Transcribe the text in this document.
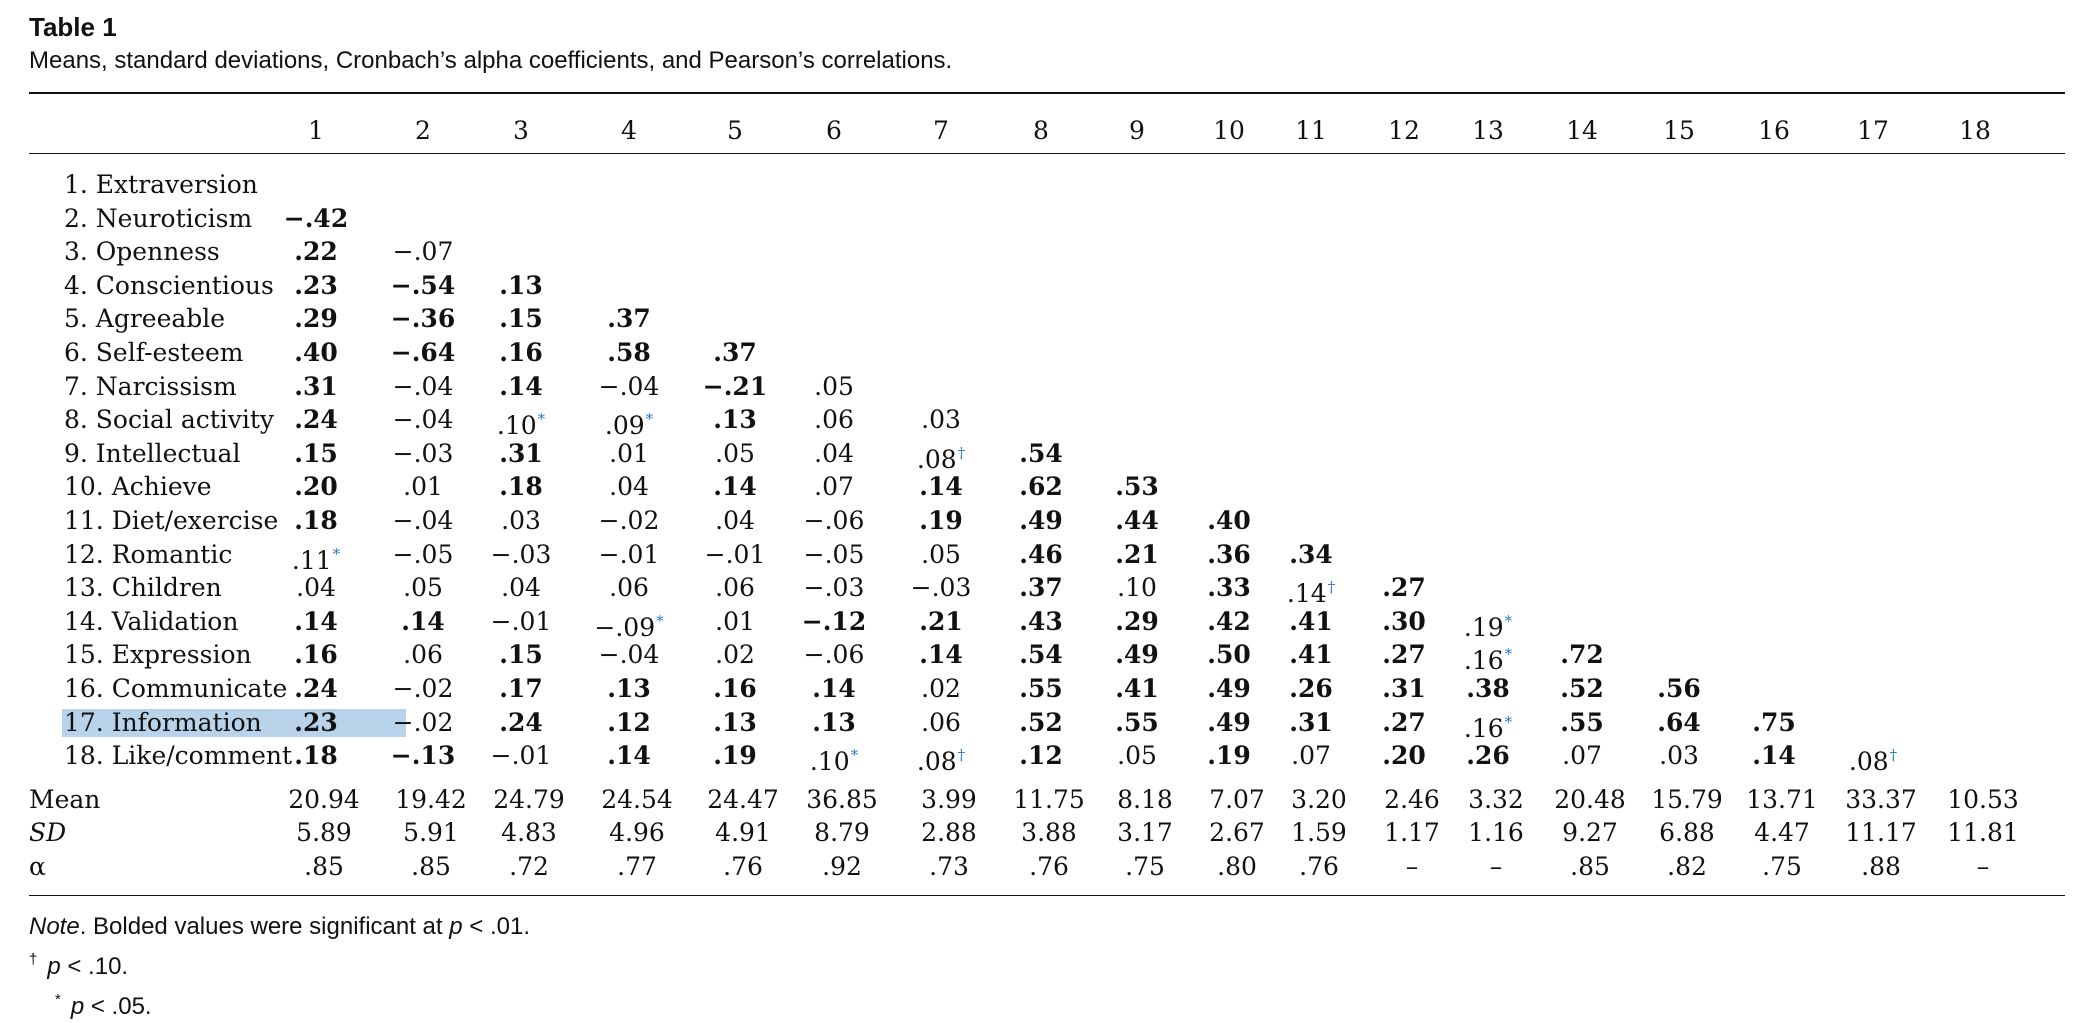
Table 1
Means, standard deviations, Cronbach’s alpha coefficients, and Pearson’s correlations.
1	2	3	4	5	6	7	8	9	10 11 12 13 14	15	16	17	18
1. Extraversion
2. Neuroticism −.42
3. Openness	.22 −.07
4. Conscientious .23 −.54 .13
5. Agreeable	.29 −.36 .15	.37
6. Self-esteem .40 −.64 .16	.58	.37
7. Narcissism .31 −.04 .14 −.04 −.21 .05
8. Social activity .24 −.04 .10* .09* .13 .06	.03
9. Intellectual .15 −.03 .31	.01	.05 .04	.08† .54
10. Achieve	.20	.01 .18	.04	.14 .07	.14 .62 .53
11. Diet/exercise .18 −.04 .03 −.02 .04 −.06 .19 .49 .44 .40
12. Romantic .11* −.05 −.03 −.01 −.01 −.05 .05 .46 .21 .36 .34
13. Children	.04	.05 .04	.06	.06 −.03 −.03 .37 .10 .33 .14† .27
14. Validation .14	.14 −.01 −.09* .01 −.12 .21 .43 .29 .42 .41 .30 .19*
15. Expression .16	.06 .15 −.04 .02 −.06 .14 .54 .49 .50 .41 .27 .16* .72
16. Communicate .24 −.02 .17	.13	.16 .14	.02 .55 .41 .49 .26 .31 .38 .52 .56
17. Information .23 −.02 .24	.12	.13 .13	.06 .52 .55 .49 .31 .27 .16* .55 .64 .75
18. Like/comment .18 −.13 −.01 .14	.19 .10* .08† .12 .05 .19 .07 .20 .26 .07 .03 .14 .08†
Mean	20.94 19.42 24.79 24.54 24.47 36.85 3.99 11.75 8.18 7.07 3.20 2.46 3.32 20.48 15.79 13.71 33.37 10.53
SD	5.89 5.91 4.83 4.96 4.91 8.79 2.88 3.88 3.17 2.67 1.59 1.17 1.16 9.27 6.88 4.47 11.17 11.81
α	.85	.85 .72	.77	.76 .92	.73 .76 .75 .80 .76	–	–	.85 .82 .75 .88	–
Note. Bolded values were significant at p < .01.
† p < .10.
* p < .05.
